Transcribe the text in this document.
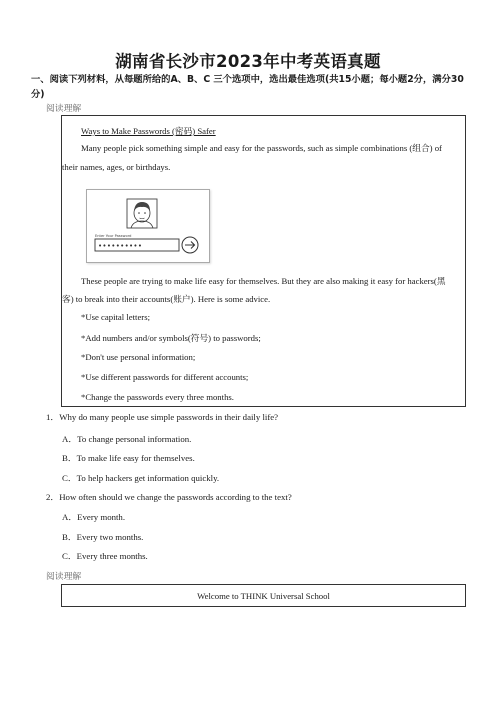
湖南省长沙市2023年中考英语真题
一、阅读下列材料，从每题所给的A、B、C 三个选项中，选出最佳选项(共15小题；每小题2分，满分30分)
阅读理解
Ways to Make Passwords (密码) Safer
Many people pick something simple and easy for the passwords, such as simple combinations (组合) of
their names, ages, or birthdays.
Enter Your Password
••••••••••
These people are trying to make life easy for themselves. But they are also making it easy for hackers(黑
客) to break into their accounts(账户). Here is some advice.
*Use capital letters;
*Add numbers and/or symbols(符号) to passwords;
*Don't use personal information;
*Use different passwords for different accounts;
*Change the passwords every three months.
1．Why do many people use simple passwords in their daily life?
A．To change personal information.
B．To make life easy for themselves.
C．To help hackers get information quickly.
2．How often should we change the passwords according to the text?
A．Every month.
B．Every two months.
C．Every three months.
阅读理解
Welcome to THINK Universal School
